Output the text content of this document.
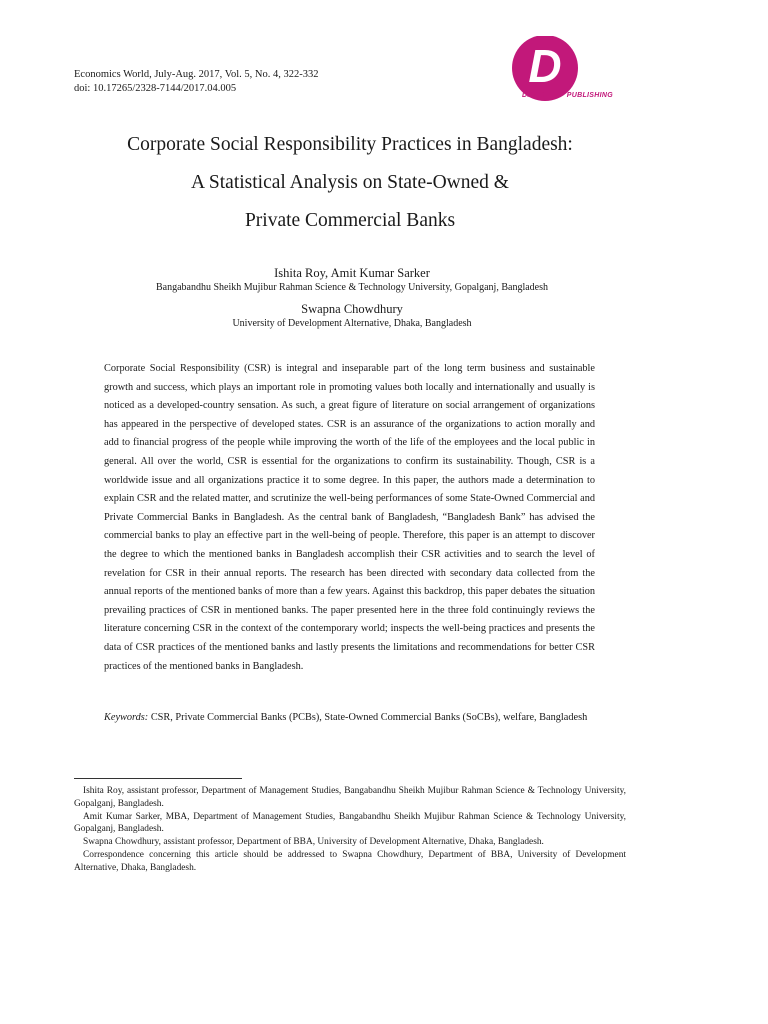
Economics World, July-Aug. 2017, Vol. 5, No. 4, 322-332
doi: 10.17265/2328-7144/2017.04.005	D
DAVID	PUBLISHING
Corporate Social Responsibility Practices in Bangladesh:
A Statistical Analysis on State-Owned &
Private Commercial Banks
Ishita Roy, Amit Kumar Sarker
Bangabandhu Sheikh Mujibur Rahman Science & Technology University, Gopalganj, Bangladesh
Swapna Chowdhury
University of Development Alternative, Dhaka, Bangladesh

Corporate Social Responsibility (CSR) is integral and inseparable part of the long term business and sustainable growth and success, which plays an important role in promoting values both locally and internationally and usually is noticed as a developed-country sensation. As such, a great figure of literature on social arrangement of organizations has appeared in the perspective of developed states. CSR is an assurance of the organizations to action morally and add to financial progress of the people while improving the worth of the life of the employees and the local public in general. All over the world, CSR is essential for the organizations to confirm its sustainability. Though, CSR is a worldwide issue and all organizations practice it to some degree. In this paper, the authors made a determination to explain CSR and the related matter, and scrutinize the well-being performances of some State-Owned Commercial and Private Commercial Banks in Bangladesh. As the central bank of Bangladesh, “Bangladesh Bank” has advised the commercial banks to play an effective part in the well-being of people. Therefore, this paper is an attempt to discover the degree to which the mentioned banks in Bangladesh accomplish their CSR activities and to search the level of revelation for CSR in their annual reports. The research has been directed with secondary data collected from the annual reports of the mentioned banks of more than a few years. Against this backdrop, this paper debates the situation prevailing practices of CSR in mentioned banks. The paper presented here in the three fold continuingly reviews the literature concerning CSR in the context of the contemporary world; inspects the well-being practices and presents the data of CSR practices of the mentioned banks and lastly presents the limitations and recommendations for better CSR practices of the mentioned banks in Bangladesh.

Keywords: CSR, Private Commercial Banks (PCBs), State-Owned Commercial Banks (SoCBs), welfare, Bangladesh

Ishita Roy, assistant professor, Department of Management Studies, Bangabandhu Sheikh Mujibur Rahman Science & Technology University, Gopalganj, Bangladesh.

Amit Kumar Sarker, MBA, Department of Management Studies, Bangabandhu Sheikh Mujibur Rahman Science & Technology University, Gopalganj, Bangladesh.

Swapna Chowdhury, assistant professor, Department of BBA, University of Development Alternative, Dhaka, Bangladesh.

Correspondence concerning this article should be addressed to Swapna Chowdhury, Department of BBA, University of Development Alternative, Dhaka, Bangladesh.
